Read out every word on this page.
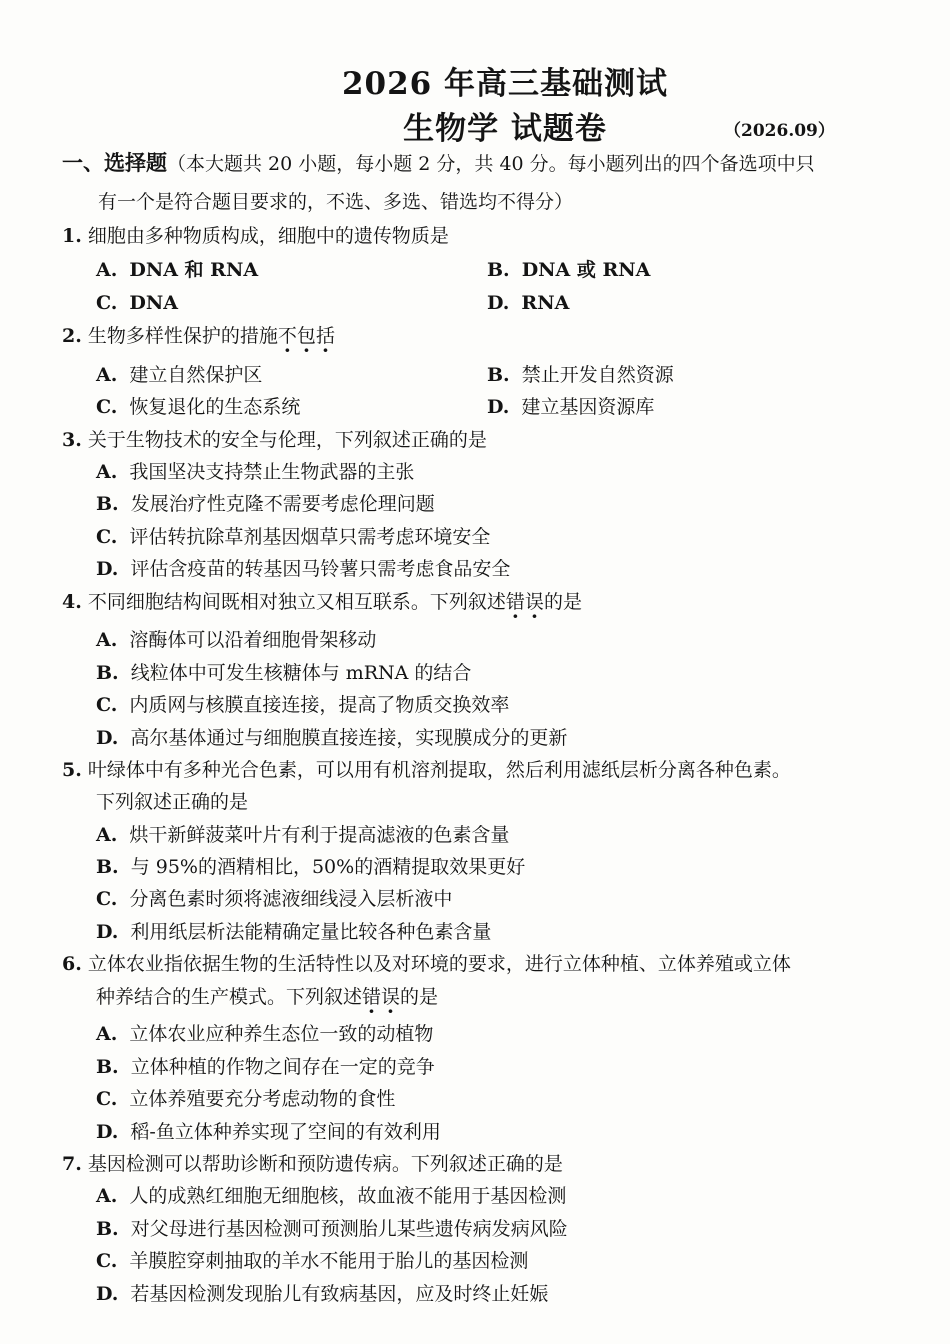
2026 年高三基础测试
生物学 试题卷	（2026.09）
一、选择题（本大题共 20 小题，每小题 2 分，共 40 分。每小题列出的四个备选项中只
有一个是符合题目要求的，不选、多选、错选均不得分）
1. 细胞由多种物质构成，细胞中的遗传物质是
A. DNA 和 RNA	B. DNA 或 RNA
C. DNA	D. RNA
2. 生物多样性保护的措施不包括
A. 建立自然保护区	B. 禁止开发自然资源
C. 恢复退化的生态系统	D. 建立基因资源库
3. 关于生物技术的安全与伦理，下列叙述正确的是
A. 我国坚决支持禁止生物武器的主张
B. 发展治疗性克隆不需要考虑伦理问题
C. 评估转抗除草剂基因烟草只需考虑环境安全
D. 评估含疫苗的转基因马铃薯只需考虑食品安全
4. 不同细胞结构间既相对独立又相互联系。下列叙述错误的是
A. 溶酶体可以沿着细胞骨架移动
B. 线粒体中可发生核糖体与 mRNA 的结合
C. 内质网与核膜直接连接，提高了物质交换效率
D. 高尔基体通过与细胞膜直接连接，实现膜成分的更新
5. 叶绿体中有多种光合色素，可以用有机溶剂提取，然后利用滤纸层析分离各种色素。
下列叙述正确的是
A. 烘干新鲜菠菜叶片有利于提高滤液的色素含量
B. 与 95%的酒精相比，50%的酒精提取效果更好
C. 分离色素时须将滤液细线浸入层析液中
D. 利用纸层析法能精确定量比较各种色素含量
6. 立体农业指依据生物的生活特性以及对环境的要求，进行立体种植、立体养殖或立体
种养结合的生产模式。下列叙述错误的是
A. 立体农业应种养生态位一致的动植物
B. 立体种植的作物之间存在一定的竞争
C. 立体养殖要充分考虑动物的食性
D. 稻-鱼立体种养实现了空间的有效利用
7. 基因检测可以帮助诊断和预防遗传病。下列叙述正确的是
A. 人的成熟红细胞无细胞核，故血液不能用于基因检测
B. 对父母进行基因检测可预测胎儿某些遗传病发病风险
C. 羊膜腔穿刺抽取的羊水不能用于胎儿的基因检测
D. 若基因检测发现胎儿有致病基因，应及时终止妊娠
